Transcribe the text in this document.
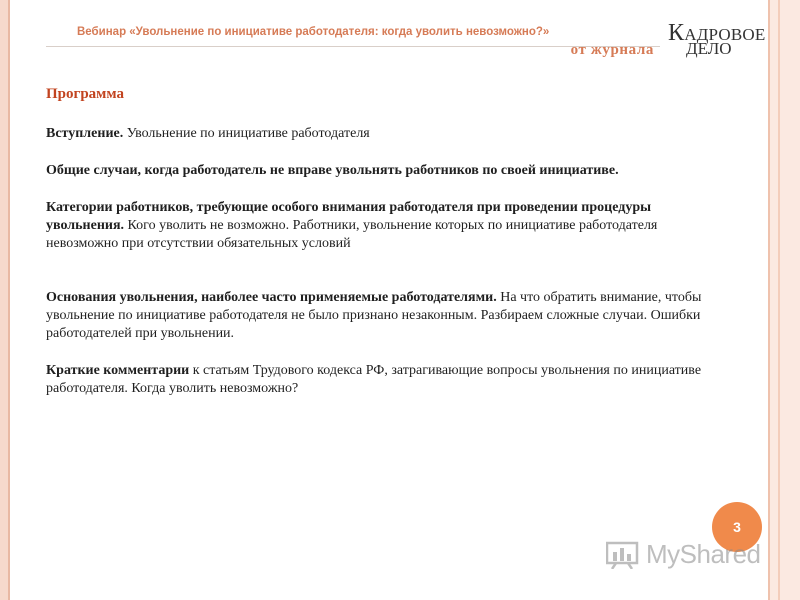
Вебинар «Увольнение по инициативе работодателя: когда уволить невозможно?»
от журнала
КАДРОВОЕ
ДЕЛО
Программа

Вступление. Увольнение по инициативе работодателя

Общие случаи, когда работодатель не вправе увольнять работников по своей инициативе.

Категории работников, требующие особого внимания работодателя при проведении процедуры увольнения. Кого уволить не возможно. Работники, увольнение которых по инициативе работодателя невозможно при отсутствии обязательных условий

Основания увольнения, наиболее часто применяемые работодателями. На что обратить внимание, чтобы увольнение по инициативе работодателя не было признано незаконным. Разбираем сложные случаи. Ошибки работодателей при увольнении.

Краткие комментарии к статьям Трудового кодекса РФ, затрагивающие вопросы увольнения по инициативе работодателя. Когда уволить невозможно?

3
MyShared
